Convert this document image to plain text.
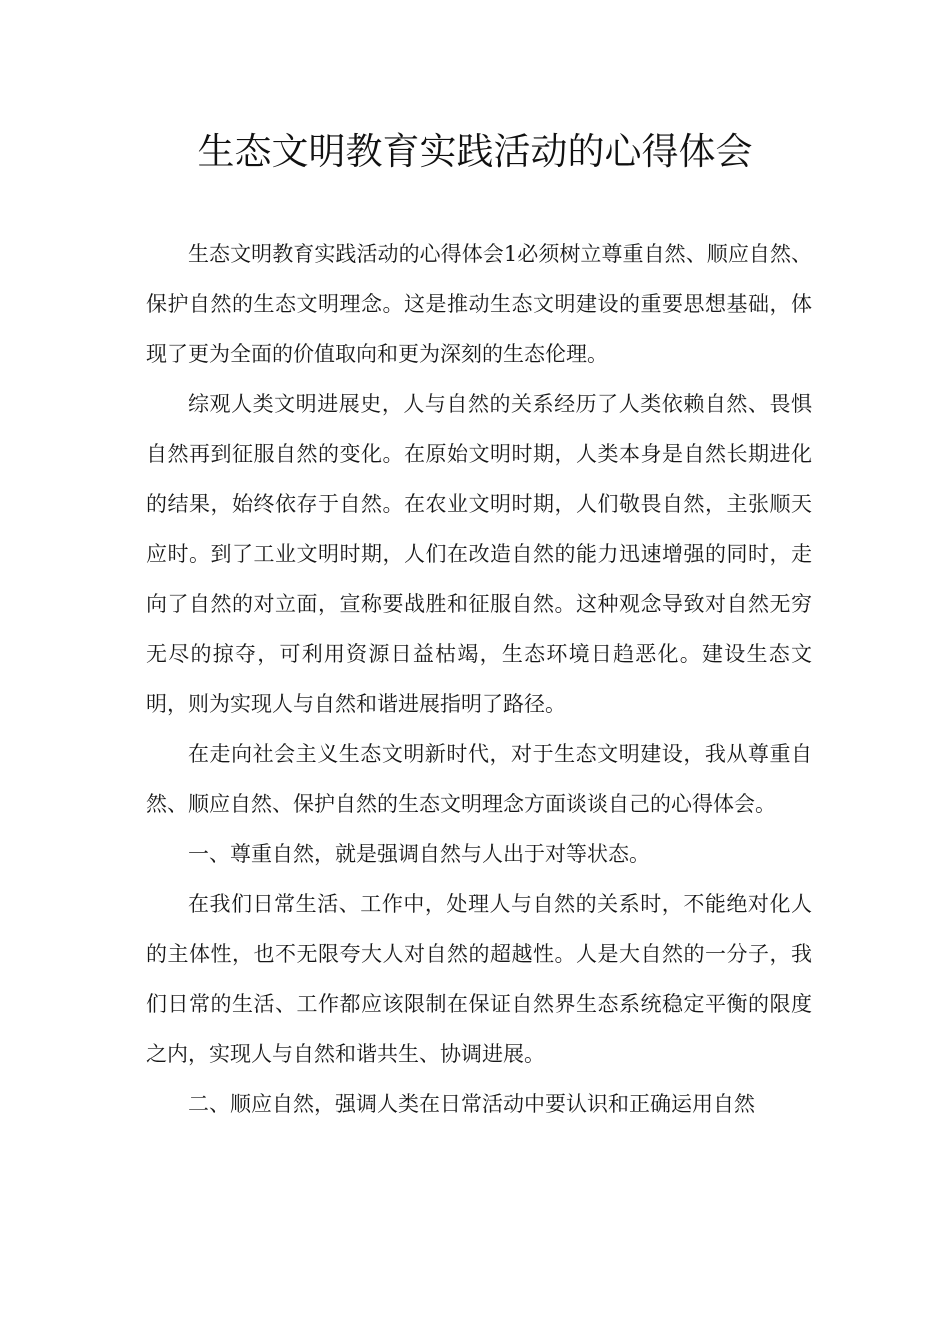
生态文明教育实践活动的心得体会

生态文明教育实践活动的心得体会1必须树立尊重自然、顺应自然、保护自然的生态文明理念。这是推动生态文明建设的重要思想基础，体现了更为全面的价值取向和更为深刻的生态伦理。

综观人类文明进展史，人与自然的关系经历了人类依赖自然、畏惧自然再到征服自然的变化。在原始文明时期，人类本身是自然长期进化的结果，始终依存于自然。在农业文明时期，人们敬畏自然，主张顺天应时。到了工业文明时期，人们在改造自然的能力迅速增强的同时，走向了自然的对立面，宣称要战胜和征服自然。这种观念导致对自然无穷无尽的掠夺，可利用资源日益枯竭，生态环境日趋恶化。建设生态文明，则为实现人与自然和谐进展指明了路径。

在走向社会主义生态文明新时代，对于生态文明建设，我从尊重自然、顺应自然、保护自然的生态文明理念方面谈谈自己的心得体会。

一、尊重自然，就是强调自然与人出于对等状态。

在我们日常生活、工作中，处理人与自然的关系时，不能绝对化人的主体性，也不无限夸大人对自然的超越性。人是大自然的一分子，我们日常的生活、工作都应该限制在保证自然界生态系统稳定平衡的限度之内，实现人与自然和谐共生、协调进展。

二、顺应自然，强调人类在日常活动中要认识和正确运用自然
